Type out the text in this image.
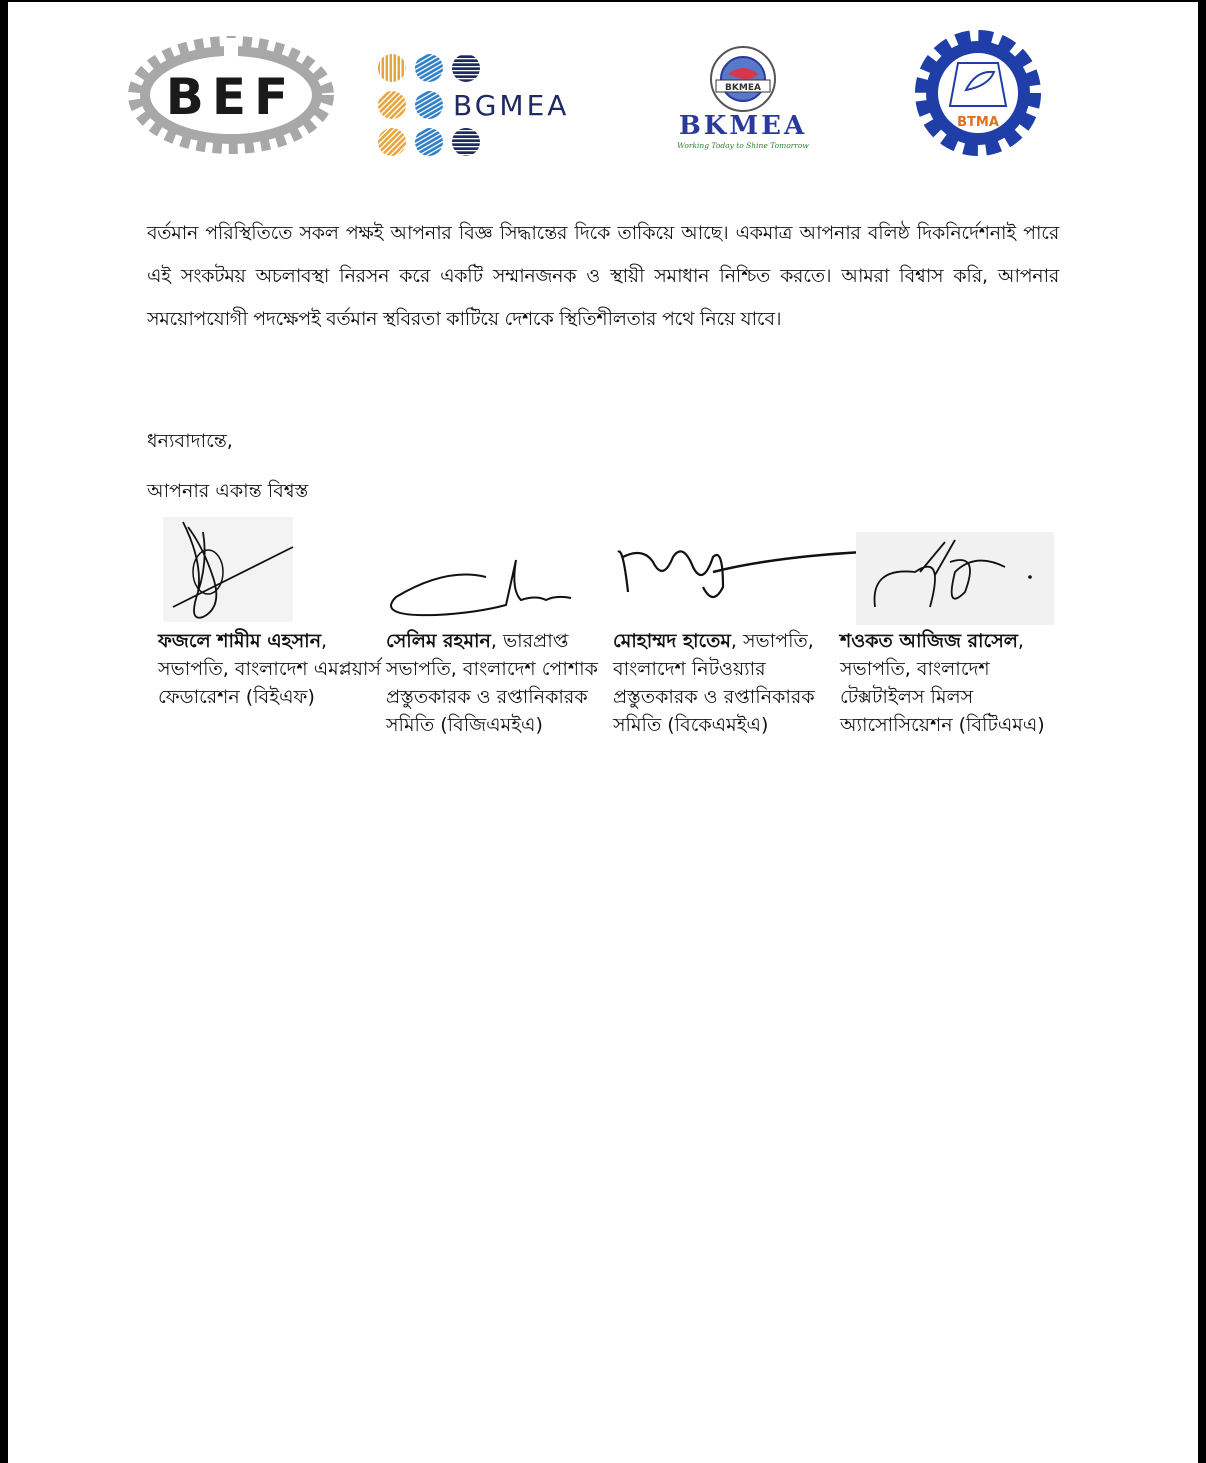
BEF	BGMEA
BKMEA
BKMEA
Working Today to Shine Tomorrow
BTMA
বর্তমান পরিস্থিতিতে সকল পক্ষই আপনার বিজ্ঞ সিদ্ধান্তের দিকে তাকিয়ে আছে। একমাত্র আপনার বলিষ্ঠ দিকনির্দেশনাই পারে এই সংকটময় অচলাবস্থা নিরসন করে একটি সম্মানজনক ও স্থায়ী সমাধান নিশ্চিত করতে। আমরা বিশ্বাস করি, আপনার সময়োপযোগী পদক্ষেপই বর্তমান স্থবিরতা কাটিয়ে দেশকে স্থিতিশীলতার পথে নিয়ে যাবে।
ধন্যবাদান্তে,
আপনার একান্ত বিশ্বস্ত
ফজলে শামীম এহসান, সভাপতি, বাংলাদেশ এমপ্লয়ার্স ফেডারেশন (বিইএফ)
সেলিম রহমান, ভারপ্রাপ্ত সভাপতি, বাংলাদেশ পোশাক প্রস্তুতকারক ও রপ্তানিকারক সমিতি (বিজিএমইএ)
মোহাম্মদ হাতেম, সভাপতি, বাংলাদেশ নিটওয়্যার প্রস্তুতকারক ও রপ্তানিকারক সমিতি (বিকেএমইএ)
শওকত আজিজ রাসেল, সভাপতি, বাংলাদেশ টেক্সটাইলস মিলস অ্যাসোসিয়েশন (বিটিএমএ)
